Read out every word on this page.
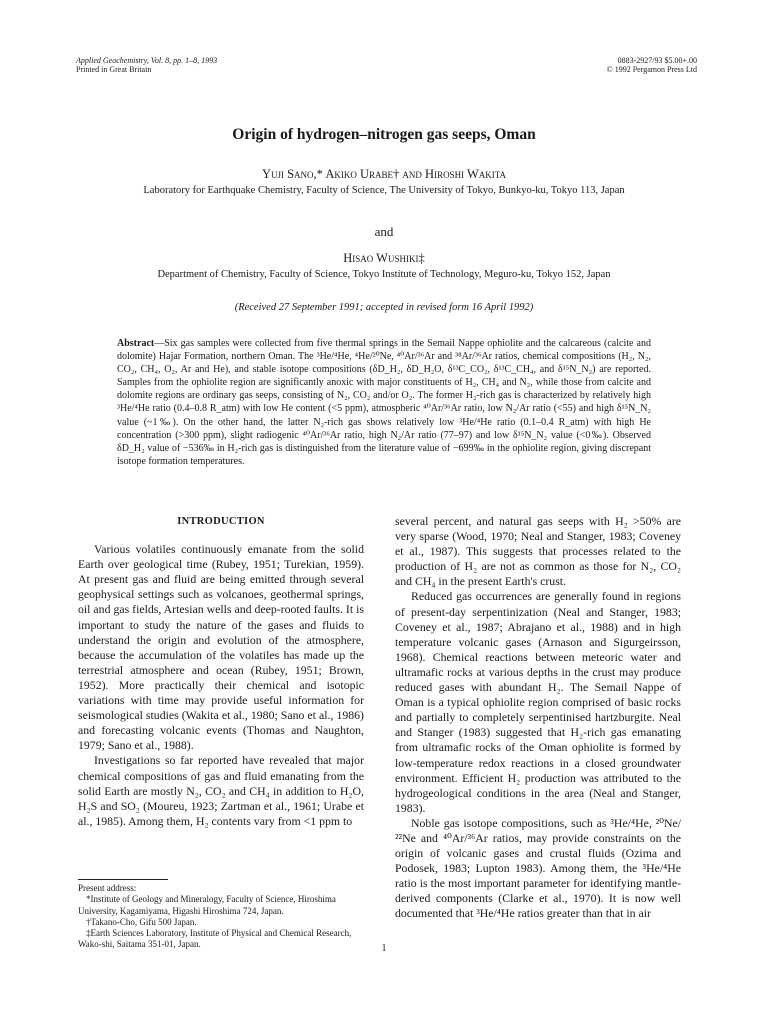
Applied Geochemistry, Vol. 8, pp. 1–8, 1993
Printed in Great Britain
0883-2927/93 $5.00+.00
© 1992 Pergamon Press Ltd
Origin of hydrogen–nitrogen gas seeps, Oman
Yuji Sano,* Akiko Urabe† and Hiroshi Wakita
Laboratory for Earthquake Chemistry, Faculty of Science, The University of Tokyo, Bunkyo-ku, Tokyo 113, Japan
and
Hisao Wushiki‡
Department of Chemistry, Faculty of Science, Tokyo Institute of Technology, Meguro-ku, Tokyo 152, Japan
(Received 27 September 1991; accepted in revised form 16 April 1992)
Abstract—Six gas samples were collected from five thermal springs in the Semail Nappe ophiolite and the calcareous (calcite and dolomite) Hajar Formation, northern Oman. The ³He/⁴He, ⁴He/²⁰Ne, ⁴⁰Ar/³⁶Ar and ³⁸Ar/³⁶Ar ratios, chemical compositions (H₂, N₂, CO₂, CH₄, O₂, Ar and He), and stable isotope compositions (δD_H₂, δD_H₂O, δ¹³C_CO₂, δ¹³C_CH₄, and δ¹⁵N_N₂) are reported. Samples from the ophiolite region are significantly anoxic with major constituents of H₂, CH₄ and N₂, while those from calcite and dolomite regions are ordinary gas seeps, consisting of N₂, CO₂ and/or O₂. The former H₂-rich gas is characterized by relatively high ³He/⁴He ratio (0.4–0.8 R_atm) with low He content (<5 ppm), atmospheric ⁴⁰Ar/³⁶Ar ratio, low N₂/Ar ratio (<55) and high δ¹⁵N_N₂ value (~1‰). On the other hand, the latter N₂-rich gas shows relatively low ³He/⁴He ratio (0.1–0.4 R_atm) with high He concentration (>300 ppm), slight radiogenic ⁴⁰Ar/³⁶Ar ratio, high N₂/Ar ratio (77–97) and low δ¹⁵N_N₂ value (<0‰). Observed δD_H₂ value of −536‰ in H₂-rich gas is distinguished from the literature value of −699‰ in the ophiolite region, giving discrepant isotope formation temperatures.
INTRODUCTION

Various volatiles continuously emanate from the solid Earth over geological time (Rubey, 1951; Turekian, 1959). At present gas and fluid are being emitted through several geophysical settings such as volcanoes, geothermal springs, oil and gas fields, Artesian wells and deep-rooted faults. It is important to study the nature of the gases and fluids to understand the origin and evolution of the atmosphere, because the accumulation of the volatiles has made up the terrestrial atmosphere and ocean (Rubey, 1951; Brown, 1952). More practically their chemical and isotopic variations with time may provide useful information for seismological studies (Wakita et al., 1980; Sano et al., 1986) and forecasting volcanic events (Thomas and Naughton, 1979; Sano et al., 1988).

Investigations so far reported have revealed that major chemical compositions of gas and fluid emanating from the solid Earth are mostly N₂, CO₂ and CH₄ in addition to H₂O, H₂S and SO₂ (Moureu, 1923; Zartman et al., 1961; Urabe et al., 1985). Among them, H₂ contents vary from <1 ppm to

several percent, and natural gas seeps with H₂ >50% are very sparse (Wood, 1970; Neal and Stanger, 1983; Coveney et al., 1987). This suggests that processes related to the production of H₂ are not as common as those for N₂, CO₂ and CH₄ in the present Earth's crust.

Reduced gas occurrences are generally found in regions of present-day serpentinization (Neal and Stanger, 1983; Coveney et al., 1987; Abrajano et al., 1988) and in high temperature volcanic gases (Arnason and Sigurgeirsson, 1968). Chemical reactions between meteoric water and ultramafic rocks at various depths in the crust may produce reduced gases with abundant H₂. The Semail Nappe of Oman is a typical ophiolite region comprised of basic rocks and partially to completely serpentinised hartzburgite. Neal and Stanger (1983) suggested that H₂-rich gas emanating from ultramafic rocks of the Oman ophiolite is formed by low-temperature redox reactions in a closed groundwater environment. Efficient H₂ production was attributed to the hydrogeological conditions in the area (Neal and Stanger, 1983).

Noble gas isotope compositions, such as ³He/⁴He, ²⁰Ne/²²Ne and ⁴⁰Ar/³⁶Ar ratios, may provide constraints on the origin of volcanic gases and crustal fluids (Ozima and Podosek, 1983; Lupton 1983). Among them, the ³He/⁴He ratio is the most important parameter for identifying mantle-derived components (Clarke et al., 1970). It is now well documented that ³He/⁴He ratios greater than that in air

Present address:

*Institute of Geology and Mineralogy, Faculty of Science, Hiroshima University, Kagamiyama, Higashi Hiroshima 724, Japan.

†Takano-Cho, Gifu 500 Japan.

‡Earth Sciences Laboratory, Institute of Physical and Chemical Research, Wako-shi, Saitama 351-01, Japan.	1
